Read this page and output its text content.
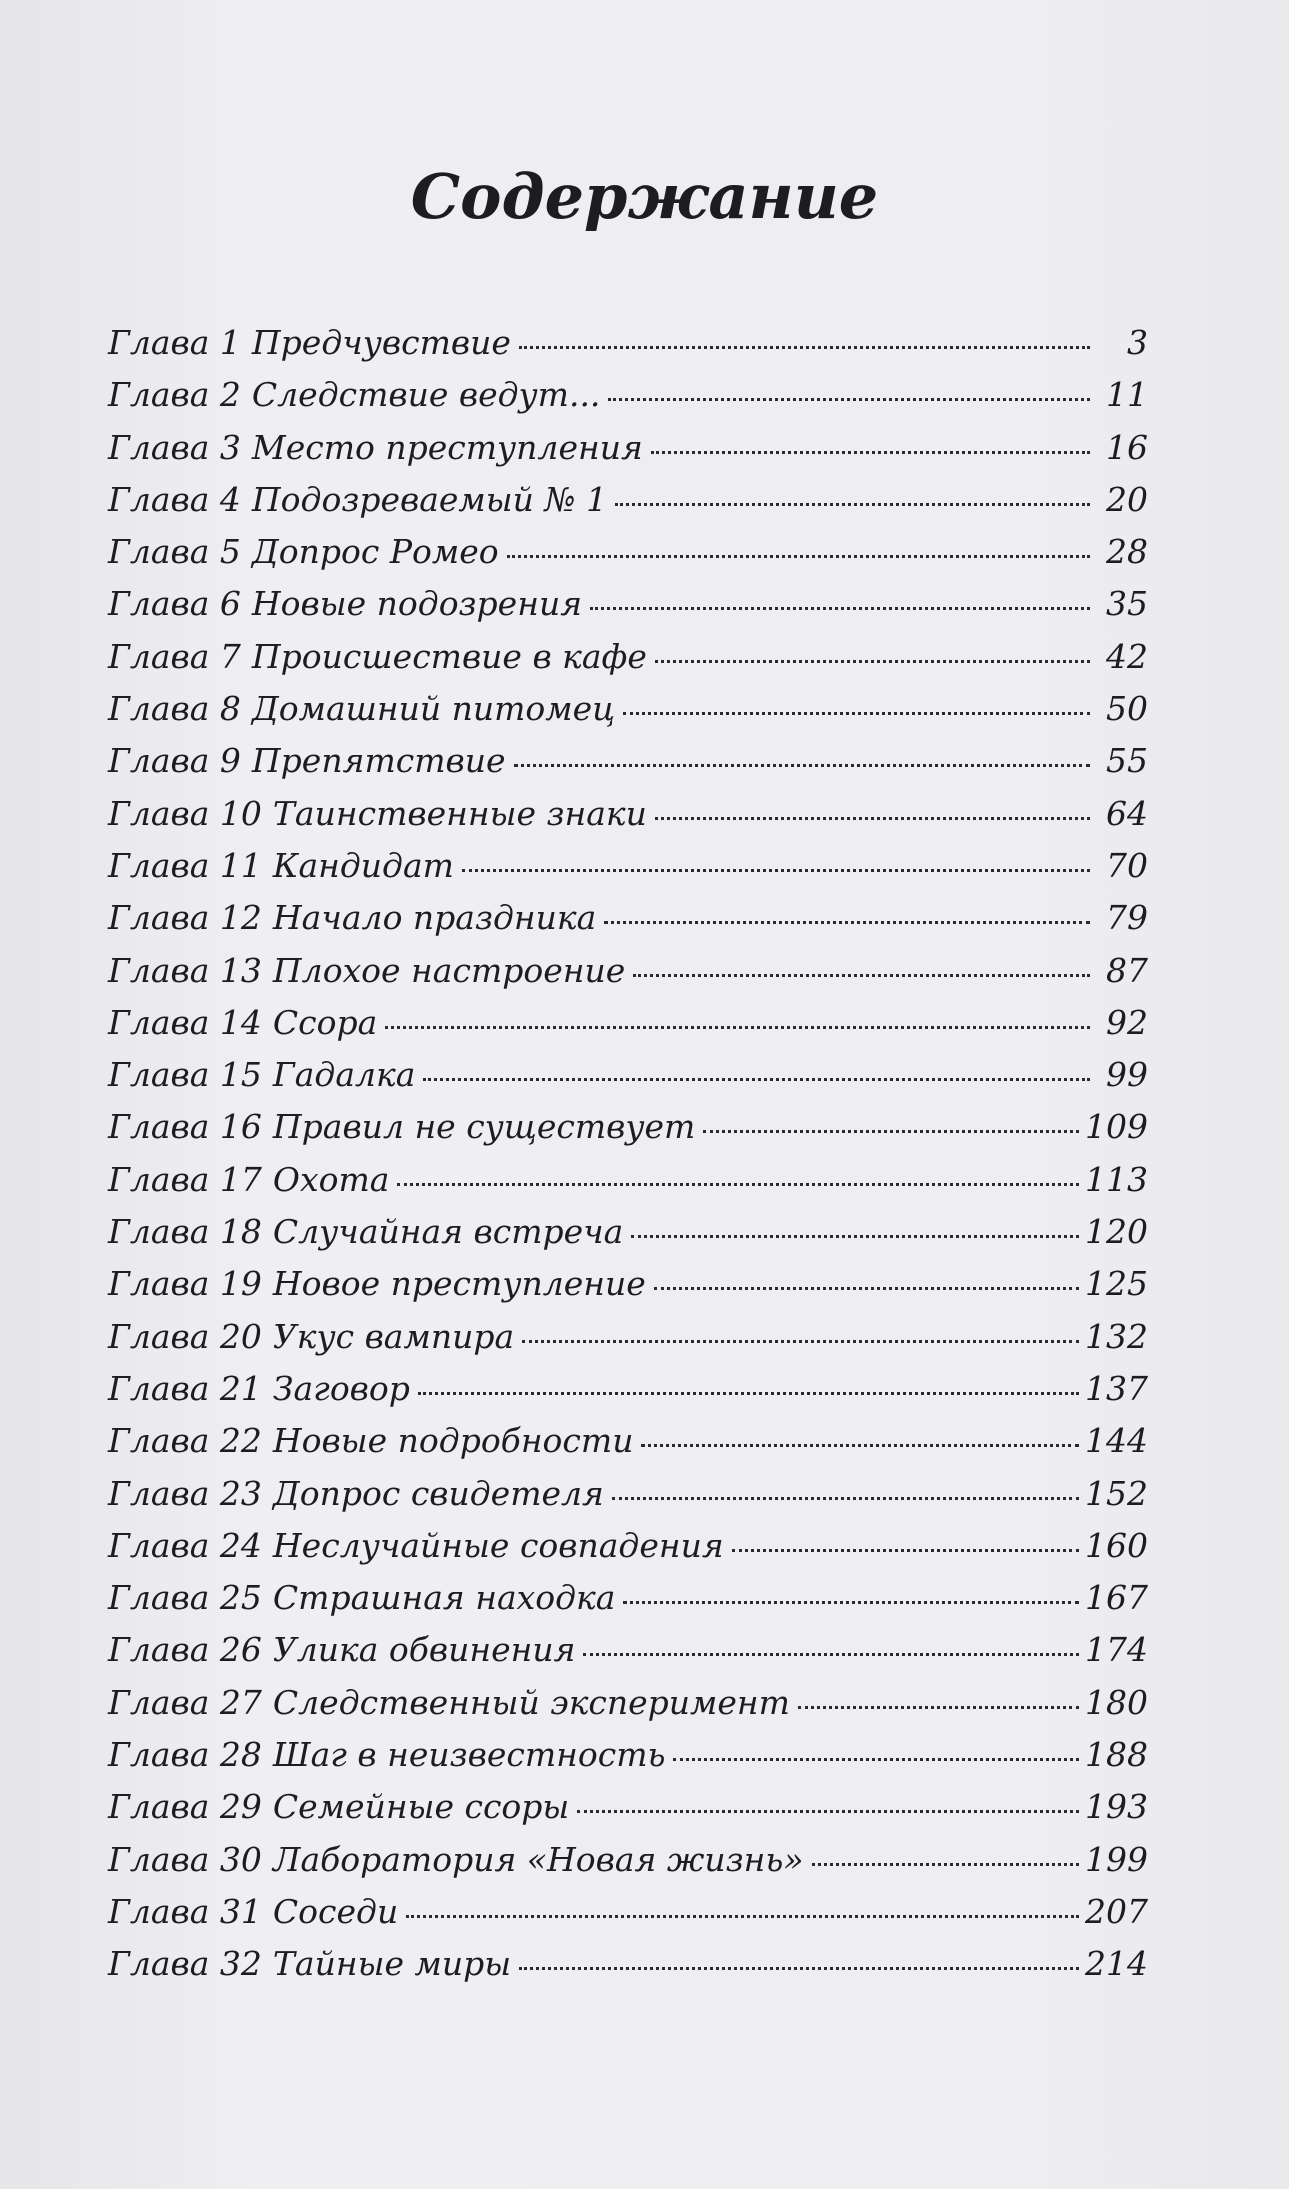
Содержание
Глава 1 Предчувствие	3
Глава 2 Следствие ведут...	11
Глава 3 Место преступления	16
Глава 4 Подозреваемый № 1	20
Глава 5 Допрос Ромео	28
Глава 6 Новые подозрения	35
Глава 7 Происшествие в кафе	42
Глава 8 Домашний питомец	50
Глава 9 Препятствие	55
Глава 10 Таинственные знаки	64
Глава 11 Кандидат	70
Глава 12 Начало праздника	79
Глава 13 Плохое настроение	87
Глава 14 Ссора	92
Глава 15 Гадалка	99
Глава 16 Правил не существует	109
Глава 17 Охота	113
Глава 18 Случайная встреча	120
Глава 19 Новое преступление	125
Глава 20 Укус вампира	132
Глава 21 Заговор	137
Глава 22 Новые подробности	144
Глава 23 Допрос свидетеля	152
Глава 24 Неслучайные совпадения	160
Глава 25 Страшная находка	167
Глава 26 Улика обвинения	174
Глава 27 Следственный эксперимент	180
Глава 28 Шаг в неизвестность	188
Глава 29 Семейные ссоры	193
Глава 30 Лаборатория «Новая жизнь»	199
Глава 31 Соседи	207
Глава 32 Тайные миры	214
